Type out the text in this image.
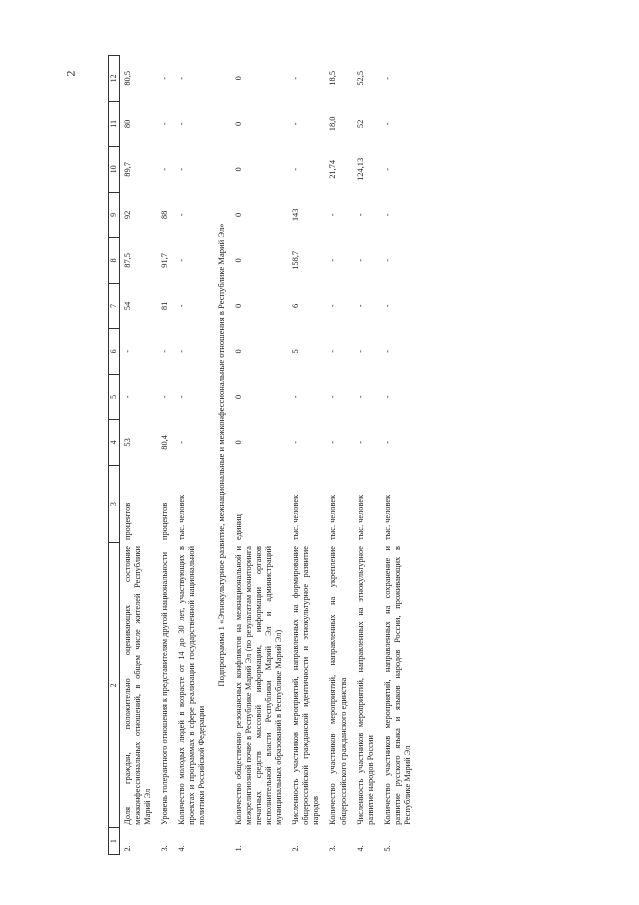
2
1	2	3	4	5	6	7	8	9	10	11	12
2.	Доля граждан, положительно оценивающих состояние межконфессиональных отношений, в общем числе жителей Республики Марий Эл	процентов	53	-	-	54	87,5	92	89,7	80	80,5
3.	Уровень толерантного отношения к представителям другой национальности	процентов	80,4	-	-	81	91,7	88	-	-	-
4.	Количество молодых людей в возрасте от 14 до 30 лет, участвующих в проектах и программах в сфере реализации государственной национальной политики Российской Федерации	тыс. человек	-	-	-	-	-	-	-	-	-
Подпрограмма 1 «Этнокультурное развитие, межнациональные и межконфессиональные отношения в Республике Марий Эл»											
1.	Количество общественно резонансных конфликтов на межнациональной и межрелигиозной почве в Республике Марий Эл (по результатам мониторинга печатных средств массовой информации, информации органов исполнительной власти Республики Марий Эл и администраций муниципальных образований в Республике Марий Эл)	единиц	0	0	0	0	0	0	0	0	0
2.	Численность участников мероприятий, направленных на формирование общероссийской гражданской идентичности и этнокультурное развитие народов	тыс. человек	-	-	5	6	158,7	143	-	-	-
3.	Количество участников мероприятий, направленных на укрепление общероссийского гражданского единства	тыс. человек	-	-	-	-	-	-	21,74	18,0	18,5
4.	Численность участников мероприятий, направленных на этнокультурное развитие народов России	тыс. человек	-	-	-	-	-	-	124,13	52	52,5
5.	Количество участников мероприятий, направленных на сохранение и развитие русского языка и языков народов России, проживающих в Республике Марий Эл	тыс. человек	-	-	-	-	-	-	-	-	-
